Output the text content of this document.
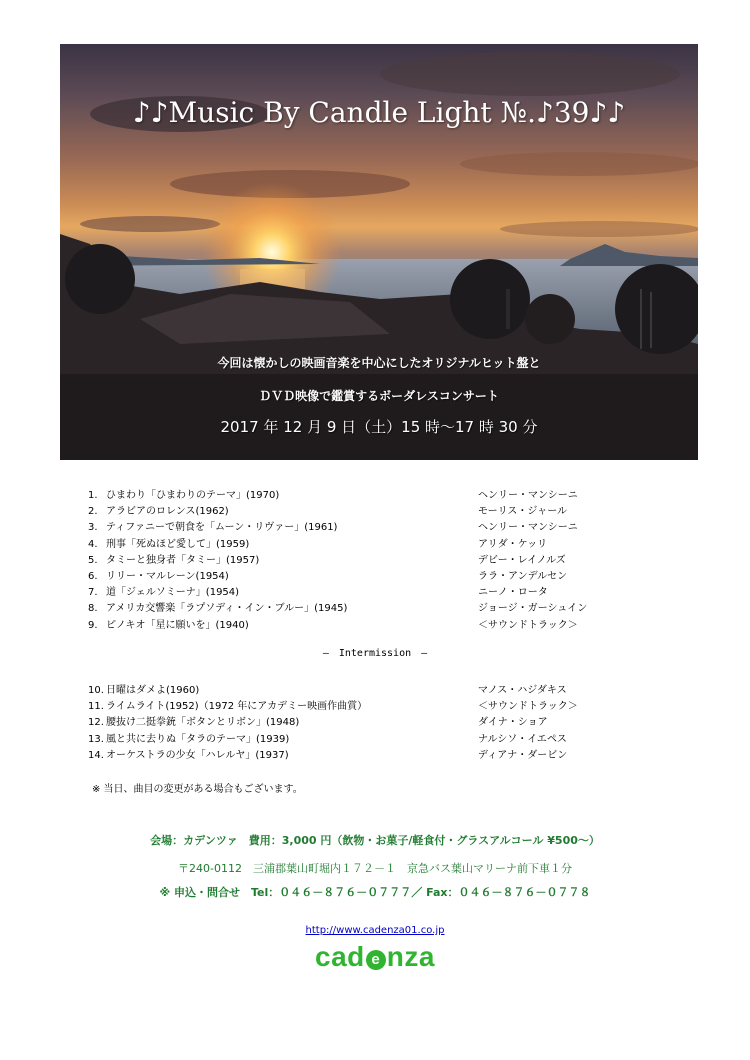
♪♪Music By Candle Light №.♪39♪♪
今回は懐かしの映画音楽を中心にしたオリジナルヒット盤と
ＤＶＤ映像で鑑賞するボーダレスコンサート
2017 年 12 月 9 日（土）15 時～17 時 30 分
1. ひまわり「ひまわりのテーマ」(1970)	ヘンリー・マンシーニ
2. アラビアのロレンス(1962)	モーリス・ジャール
3. ティファニーで朝食を「ムーン・リヴァー」(1961)	ヘンリー・マンシーニ
4. 刑事「死ぬほど愛して」(1959)	アリダ・ケッリ
5. タミーと独身者「タミー」(1957)	デビー・レイノルズ
6. リリー・マルレーン(1954)	ララ・アンデルセン
7. 道「ジェルソミーナ」(1954)	ニーノ・ロータ
8. アメリカ交響楽「ラプソディ・イン・ブルー」(1945)	ジョージ・ガーシュイン
9. ピノキオ「星に願いを」(1940)	＜サウンドトラック＞
―　Intermission　―
10. 日曜はダメよ(1960)	マノス・ハジダキス
11. ライムライト(1952)（1972 年にアカデミー映画作曲賞）	＜サウンドトラック＞
12. 腰抜け二挺拳銃「ボタンとリボン」(1948)	ダイナ・ショア
13. 風と共に去りぬ「タラのテーマ」(1939)	ナルシソ・イエペス
14. オーケストラの少女「ハレルヤ」(1937)	ディアナ・ダービン
※ 当日、曲目の変更がある場合もございます。
会場：カデンツァ　費用：3,000 円（飲物・お菓子/軽食付・グラスアルコール ¥500～）
〒240-0112　三浦郡葉山町堀内１７２－１　京急バス葉山マリーナ前下車１分
※ 申込・問合せ　Tel：０４６－８７６－０７７７／ Fax：０４６－８７６－０７７８
http://www.cadenza01.co.jp
cad e nza
